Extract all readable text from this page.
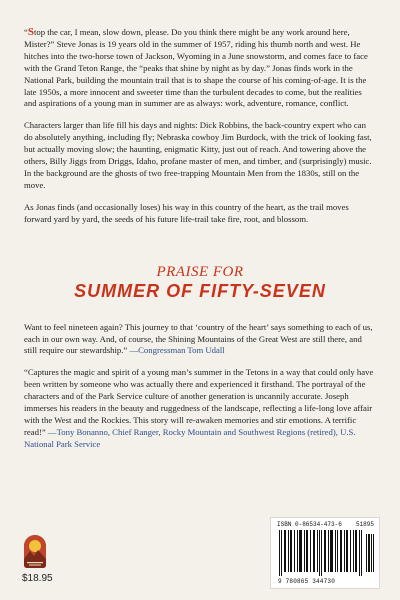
“Stop the car, I mean, slow down, please. Do you think there might be any work around here, Mister?” Steve Jonas is 19 years old in the summer of 1957, riding his thumb north and west. He hitches into the two-horse town of Jackson, Wyoming in a June snowstorm, and comes face to face with the Grand Teton Range, the “peaks that shine by night as by day.” Jonas finds work in the National Park, building the mountain trail that is to shape the course of his coming-of-age. It is the late 1950s, a more innocent and sweeter time than the turbulent decades to come, but the realities and aspirations of a young man in summer are as always: work, adventure, romance, conflict.

Characters larger than life fill his days and nights: Dick Robbins, the back-country expert who can do absolutely anything, including fly; Nebraska cowboy Jim Burdock, with the trick of looking fast, but actually moving slow; the haunting, enigmatic Kitty, just out of reach. And towering above the others, Billy Jiggs from Driggs, Idaho, profane master of men, and timber, and (surprisingly) music. In the background are the ghosts of two free-trapping Mountain Men from the 1830s, still on the move.

As Jonas finds (and occasionally loses) his way in this country of the heart, as the trail moves forward yard by yard, the seeds of his future life-trail take fire, root, and blossom.

PRAISE FOR
SUMMER OF FIFTY-SEVEN

Want to feel nineteen again? This journey to that ‘country of the heart’ says something to each of us, each in our own way. And, of course, the Shining Mountains of the Great West are still there, and still require our stewardship.” —Congressman Tom Udall

“Captures the magic and spirit of a young man’s summer in the Tetons in a way that could only have been written by someone who was actually there and experienced it firsthand. The portrayal of the characters and of the Park Service culture of another generation is uncannily accurate. Joseph immerses his readers in the beauty and ruggedness of the landscape, reflecting a life-long love affair with the West and the Rockies. This story will re-awaken memories and stir emotions. A terrific read!” —Tony Bonanno, Chief Ranger, Rocky Mountain and Southwest Regions (retired), U.S. National Park Service

$18.95
ISBN 0-86534-473-6 51895
9 780865 344730
